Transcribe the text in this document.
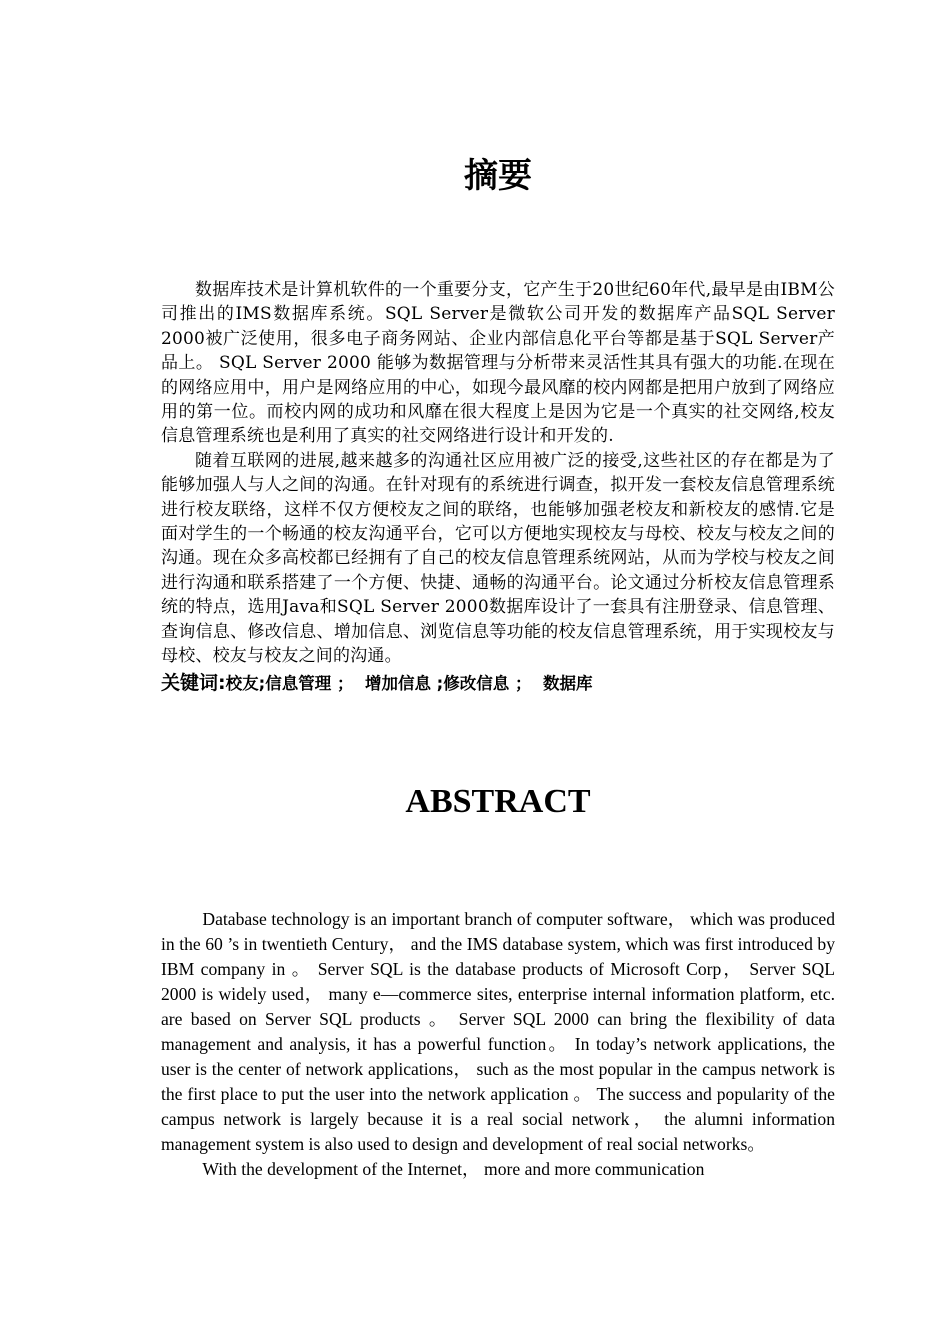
摘要

数据库技术是计算机软件的一个重要分支，它产生于20世纪60年代,最早是由IBM公司推出的IMS数据库系统。SQL Server是微软公司开发的数据库产品SQL Server 2000被广泛使用，很多电子商务网站、企业内部信息化平台等都是基于SQL Server产品上。 SQL Server 2000 能够为数据管理与分析带来灵活性其具有强大的功能.在现在的网络应用中，用户是网络应用的中心，如现今最风靡的校内网都是把用户放到了网络应用的第一位。而校内网的成功和风靡在很大程度上是因为它是一个真实的社交网络,校友信息管理系统也是利用了真实的社交网络进行设计和开发的.

随着互联网的进展,越来越多的沟通社区应用被广泛的接受,这些社区的存在都是为了能够加强人与人之间的沟通。在针对现有的系统进行调查，拟开发一套校友信息管理系统进行校友联络，这样不仅方便校友之间的联络，也能够加强老校友和新校友的感情.它是面对学生的一个畅通的校友沟通平台，它可以方便地实现校友与母校、校友与校友之间的沟通。现在众多高校都已经拥有了自己的校友信息管理系统网站，从而为学校与校友之间进行沟通和联系搭建了一个方便、快捷、通畅的沟通平台。论文通过分析校友信息管理系统的特点，选用Java和SQL Server 2000数据库设计了一套具有注册登录、信息管理、查询信息、修改信息、增加信息、浏览信息等功能的校友信息管理系统，用于实现校友与母校、校友与校友之间的沟通。

关键词:校友;信息管理 ；  增加信息 ;修改信息 ；  数据库
ABSTRACT

Database technology is an important branch of computer software， which was produced in the 60 ’s in twentieth Century， and the IMS database system, which was first introduced by IBM company in 。 Server SQL is the database products of Microsoft Corp， Server SQL 2000 is widely used， many e—commerce sites, enterprise internal information platform, etc. are based on Server SQL products 。 Server SQL 2000 can bring the flexibility of data management and analysis, it has a powerful function。 In today’s network applications, the user is the center of network applications， such as the most popular in the campus network is the first place to put the user into the network application 。 The success and popularity of the campus network is largely because it is a real social network， the alumni information management system is also used to design and development of real social networks。

With the development of the Internet， more and more communication
